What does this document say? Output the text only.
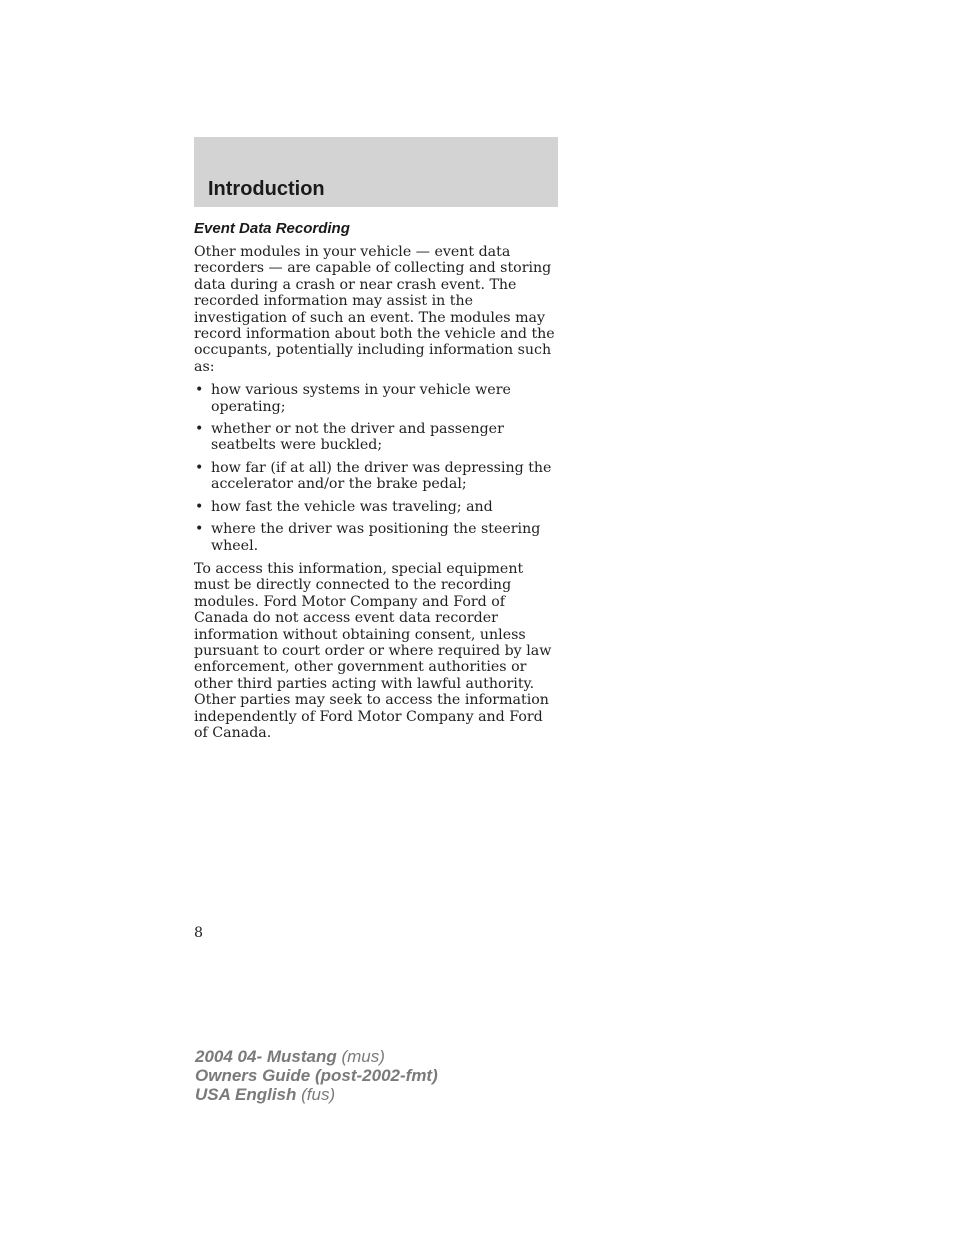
Introduction
Event Data Recording

Other modules in your vehicle — event data recorders — are capable of collecting and storing data during a crash or near crash event. The recorded information may assist in the investigation of such an event. The modules may record information about both the vehicle and the occupants, potentially including information such as:

• how various systems in your vehicle were operating;
• whether or not the driver and passenger seatbelts were buckled;
• how far (if at all) the driver was depressing the accelerator and/or the brake pedal;
• how fast the vehicle was traveling; and
• where the driver was positioning the steering wheel.

To access this information, special equipment must be directly connected to the recording modules. Ford Motor Company and Ford of Canada do not access event data recorder information without obtaining consent, unless pursuant to court order or where required by law enforcement, other government authorities or other third parties acting with lawful authority. Other parties may seek to access the information independently of Ford Motor Company and Ford of Canada.

8
2004 04- Mustang (mus)
Owners Guide (post-2002-fmt)
USA English (fus)
